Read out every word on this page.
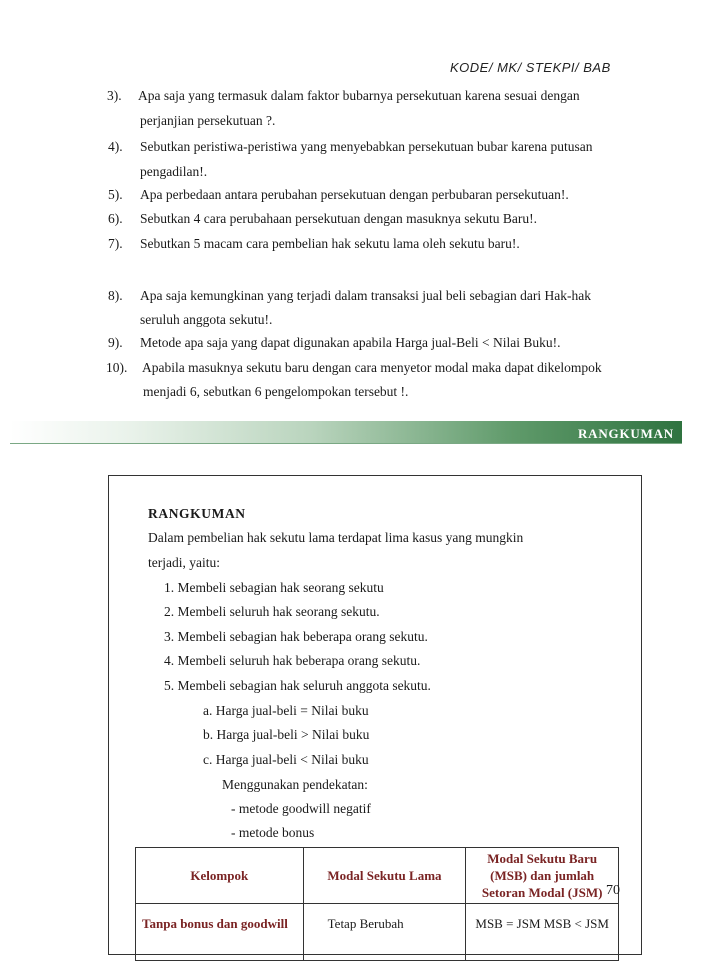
KODE/ MK/ STEKPI/ BAB
3). Apa saja yang termasuk dalam faktor bubarnya persekutuan karena sesuai dengan
perjanjian persekutuan ?.
4). Sebutkan peristiwa-peristiwa yang menyebabkan persekutuan bubar karena putusan
pengadilan!.
5). Apa perbedaan antara perubahan persekutuan dengan perbubaran persekutuan!.
6). Sebutkan 4 cara perubahaan persekutuan dengan masuknya sekutu Baru!.
7). Sebutkan 5 macam cara pembelian hak sekutu lama oleh sekutu baru!.
8). Apa saja kemungkinan yang terjadi dalam transaksi jual beli sebagian dari Hak-hak
seruluh anggota sekutu!.
9). Metode apa saja yang dapat digunakan apabila Harga jual-Beli < Nilai Buku!.
10). Apabila masuknya sekutu baru dengan cara menyetor modal maka dapat dikelompok
menjadi 6, sebutkan 6 pengelompokan tersebut !.
RANGKUMAN
RANGKUMAN
Dalam pembelian hak sekutu lama terdapat lima kasus yang mungkin
terjadi, yaitu:
1. Membeli sebagian hak seorang sekutu
2. Membeli seluruh hak seorang sekutu.
3. Membeli sebagian hak beberapa orang sekutu.
4. Membeli seluruh hak beberapa orang sekutu.
5. Membeli sebagian hak seluruh anggota sekutu.
a. Harga jual-beli = Nilai buku
b. Harga jual-beli > Nilai buku
c. Harga jual-beli < Nilai buku
Menggunakan pendekatan:
- metode goodwill negatif
- metode bonus
Kelompok	Modal Sekutu Lama	Modal Sekutu Baru (MSB) dan jumlah Setoran Modal (JSM)
Tanpa bonus dan goodwill	Tetap Berubah	MSB = JSM MSB < JSM
70
